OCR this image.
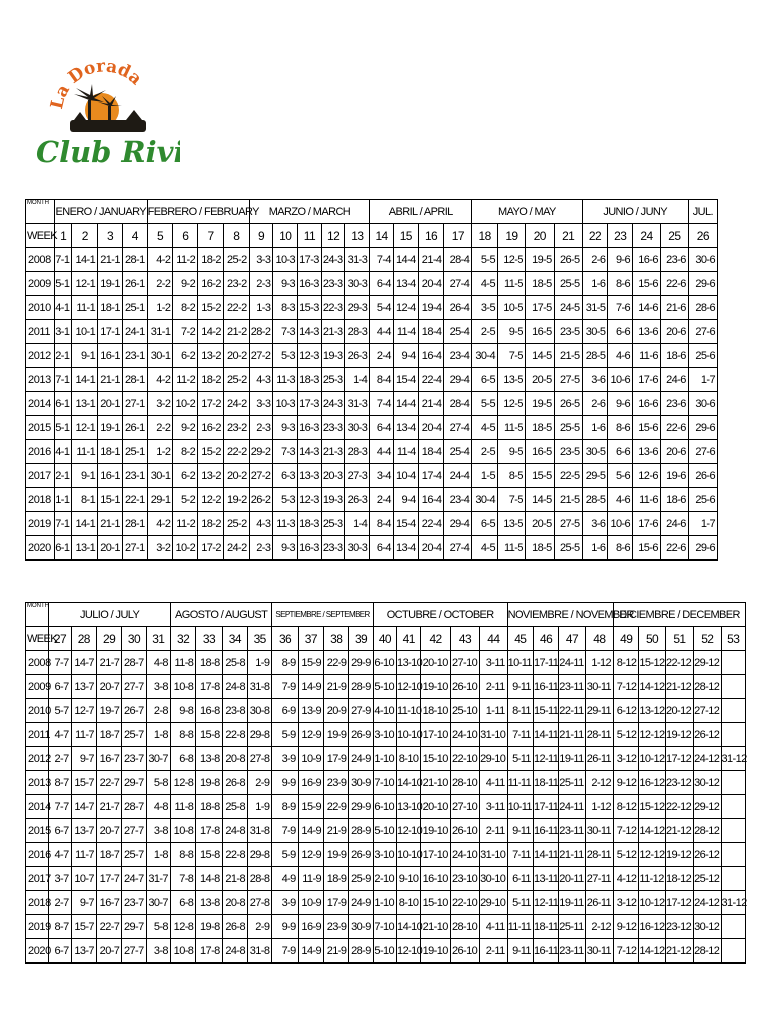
La Dorada
Club Riv
MONTH	ENERO / JANUARY				FEBRERO / FEBRUARY				MARZO / MARCH					ABRIL / APRIL				MAYO / MAY				JUNIO / JUNY				JUL.
WEEK	1	2	3	4	5	6	7	8	9	10	11	12	13	14	15	16	17	18	19	20	21	22	23	24	25	26
2008	7-1	14-1	21-1	28-1	4-2	11-2	18-2	25-2	3-3	10-3	17-3	24-3	31-3	7-4	14-4	21-4	28-4	5-5	12-5	19-5	26-5	2-6	9-6	16-6	23-6	30-6
2009	5-1	12-1	19-1	26-1	2-2	9-2	16-2	23-2	2-3	9-3	16-3	23-3	30-3	6-4	13-4	20-4	27-4	4-5	11-5	18-5	25-5	1-6	8-6	15-6	22-6	29-6
2010	4-1	11-1	18-1	25-1	1-2	8-2	15-2	22-2	1-3	8-3	15-3	22-3	29-3	5-4	12-4	19-4	26-4	3-5	10-5	17-5	24-5	31-5	7-6	14-6	21-6	28-6
2011	3-1	10-1	17-1	24-1	31-1	7-2	14-2	21-2	28-2	7-3	14-3	21-3	28-3	4-4	11-4	18-4	25-4	2-5	9-5	16-5	23-5	30-5	6-6	13-6	20-6	27-6
2012	2-1	9-1	16-1	23-1	30-1	6-2	13-2	20-2	27-2	5-3	12-3	19-3	26-3	2-4	9-4	16-4	23-4	30-4	7-5	14-5	21-5	28-5	4-6	11-6	18-6	25-6
2013	7-1	14-1	21-1	28-1	4-2	11-2	18-2	25-2	4-3	11-3	18-3	25-3	1-4	8-4	15-4	22-4	29-4	6-5	13-5	20-5	27-5	3-6	10-6	17-6	24-6	1-7
2014	6-1	13-1	20-1	27-1	3-2	10-2	17-2	24-2	3-3	10-3	17-3	24-3	31-3	7-4	14-4	21-4	28-4	5-5	12-5	19-5	26-5	2-6	9-6	16-6	23-6	30-6
2015	5-1	12-1	19-1	26-1	2-2	9-2	16-2	23-2	2-3	9-3	16-3	23-3	30-3	6-4	13-4	20-4	27-4	4-5	11-5	18-5	25-5	1-6	8-6	15-6	22-6	29-6
2016	4-1	11-1	18-1	25-1	1-2	8-2	15-2	22-2	29-2	7-3	14-3	21-3	28-3	4-4	11-4	18-4	25-4	2-5	9-5	16-5	23-5	30-5	6-6	13-6	20-6	27-6
2017	2-1	9-1	16-1	23-1	30-1	6-2	13-2	20-2	27-2	6-3	13-3	20-3	27-3	3-4	10-4	17-4	24-4	1-5	8-5	15-5	22-5	29-5	5-6	12-6	19-6	26-6
2018	1-1	8-1	15-1	22-1	29-1	5-2	12-2	19-2	26-2	5-3	12-3	19-3	26-3	2-4	9-4	16-4	23-4	30-4	7-5	14-5	21-5	28-5	4-6	11-6	18-6	25-6
2019	7-1	14-1	21-1	28-1	4-2	11-2	18-2	25-2	4-3	11-3	18-3	25-3	1-4	8-4	15-4	22-4	29-4	6-5	13-5	20-5	27-5	3-6	10-6	17-6	24-6	1-7
2020	6-1	13-1	20-1	27-1	3-2	10-2	17-2	24-2	2-3	9-3	16-3	23-3	30-3	6-4	13-4	20-4	27-4	4-5	11-5	18-5	25-5	1-6	8-6	15-6	22-6	29-6
MONTH	JULIO / JULY					AGOSTO / AUGUST				SEPTIEMBRE / SEPTEMBER				OCTUBRE / OCTOBER					NOVIEMBRE / NOVEMBER				DICIEMBRE / DECEMBER				
WEEK	27	28	29	30	31	32	33	34	35	36	37	38	39	40	41	42	43	44	45	46	47	48	49	50	51	52	53
2008	7-7	14-7	21-7	28-7	4-8	11-8	18-8	25-8	1-9	8-9	15-9	22-9	29-9	6-10	13-10	20-10	27-10	3-11	10-11	17-11	24-11	1-12	8-12	15-12	22-12	29-12	
2009	6-7	13-7	20-7	27-7	3-8	10-8	17-8	24-8	31-8	7-9	14-9	21-9	28-9	5-10	12-10	19-10	26-10	2-11	9-11	16-11	23-11	30-11	7-12	14-12	21-12	28-12	
2010	5-7	12-7	19-7	26-7	2-8	9-8	16-8	23-8	30-8	6-9	13-9	20-9	27-9	4-10	11-10	18-10	25-10	1-11	8-11	15-11	22-11	29-11	6-12	13-12	20-12	27-12	
2011	4-7	11-7	18-7	25-7	1-8	8-8	15-8	22-8	29-8	5-9	12-9	19-9	26-9	3-10	10-10	17-10	24-10	31-10	7-11	14-11	21-11	28-11	5-12	12-12	19-12	26-12	
2012	2-7	9-7	16-7	23-7	30-7	6-8	13-8	20-8	27-8	3-9	10-9	17-9	24-9	1-10	8-10	15-10	22-10	29-10	5-11	12-11	19-11	26-11	3-12	10-12	17-12	24-12	31-12
2013	8-7	15-7	22-7	29-7	5-8	12-8	19-8	26-8	2-9	9-9	16-9	23-9	30-9	7-10	14-10	21-10	28-10	4-11	11-11	18-11	25-11	2-12	9-12	16-12	23-12	30-12	
2014	7-7	14-7	21-7	28-7	4-8	11-8	18-8	25-8	1-9	8-9	15-9	22-9	29-9	6-10	13-10	20-10	27-10	3-11	10-11	17-11	24-11	1-12	8-12	15-12	22-12	29-12	
2015	6-7	13-7	20-7	27-7	3-8	10-8	17-8	24-8	31-8	7-9	14-9	21-9	28-9	5-10	12-10	19-10	26-10	2-11	9-11	16-11	23-11	30-11	7-12	14-12	21-12	28-12	
2016	4-7	11-7	18-7	25-7	1-8	8-8	15-8	22-8	29-8	5-9	12-9	19-9	26-9	3-10	10-10	17-10	24-10	31-10	7-11	14-11	21-11	28-11	5-12	12-12	19-12	26-12	
2017	3-7	10-7	17-7	24-7	31-7	7-8	14-8	21-8	28-8	4-9	11-9	18-9	25-9	2-10	9-10	16-10	23-10	30-10	6-11	13-11	20-11	27-11	4-12	11-12	18-12	25-12	
2018	2-7	9-7	16-7	23-7	30-7	6-8	13-8	20-8	27-8	3-9	10-9	17-9	24-9	1-10	8-10	15-10	22-10	29-10	5-11	12-11	19-11	26-11	3-12	10-12	17-12	24-12	31-12
2019	8-7	15-7	22-7	29-7	5-8	12-8	19-8	26-8	2-9	9-9	16-9	23-9	30-9	7-10	14-10	21-10	28-10	4-11	11-11	18-11	25-11	2-12	9-12	16-12	23-12	30-12	
2020	6-7	13-7	20-7	27-7	3-8	10-8	17-8	24-8	31-8	7-9	14-9	21-9	28-9	5-10	12-10	19-10	26-10	2-11	9-11	16-11	23-11	30-11	7-12	14-12	21-12	28-12	
